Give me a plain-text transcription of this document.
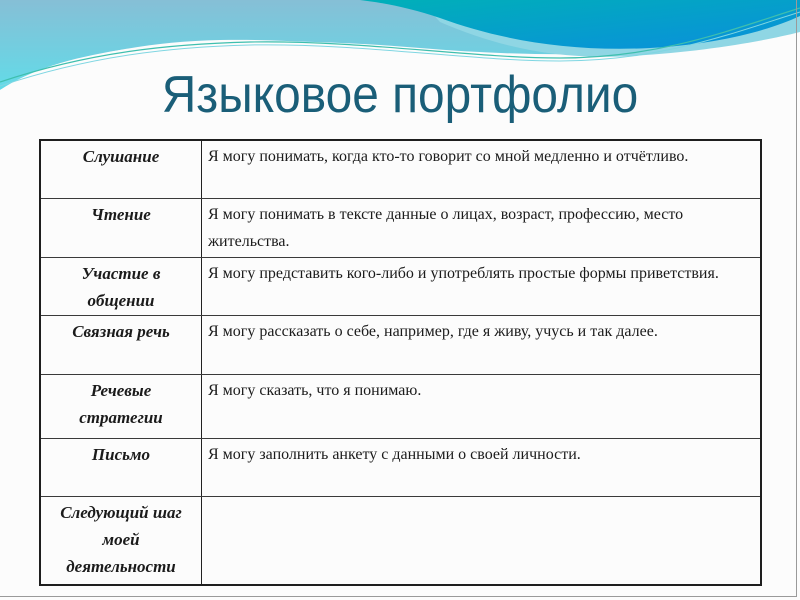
Языковое портфолио
Слушание	Я могу понимать, когда кто-то говорит со мной медленно и отчётливо.
Чтение	Я могу понимать в тексте данные о лицах, возраст, профессию, место жительства.
Участие в общении	Я могу представить кого-либо и употреблять простые формы приветствия.
Связная речь	Я могу рассказать о себе, например, где я живу, учусь и так далее.
Речевые стратегии	Я могу сказать, что я понимаю.
Письмо	Я могу заполнить анкету с данными о своей личности.
Следующий шаг моей деятельности	
